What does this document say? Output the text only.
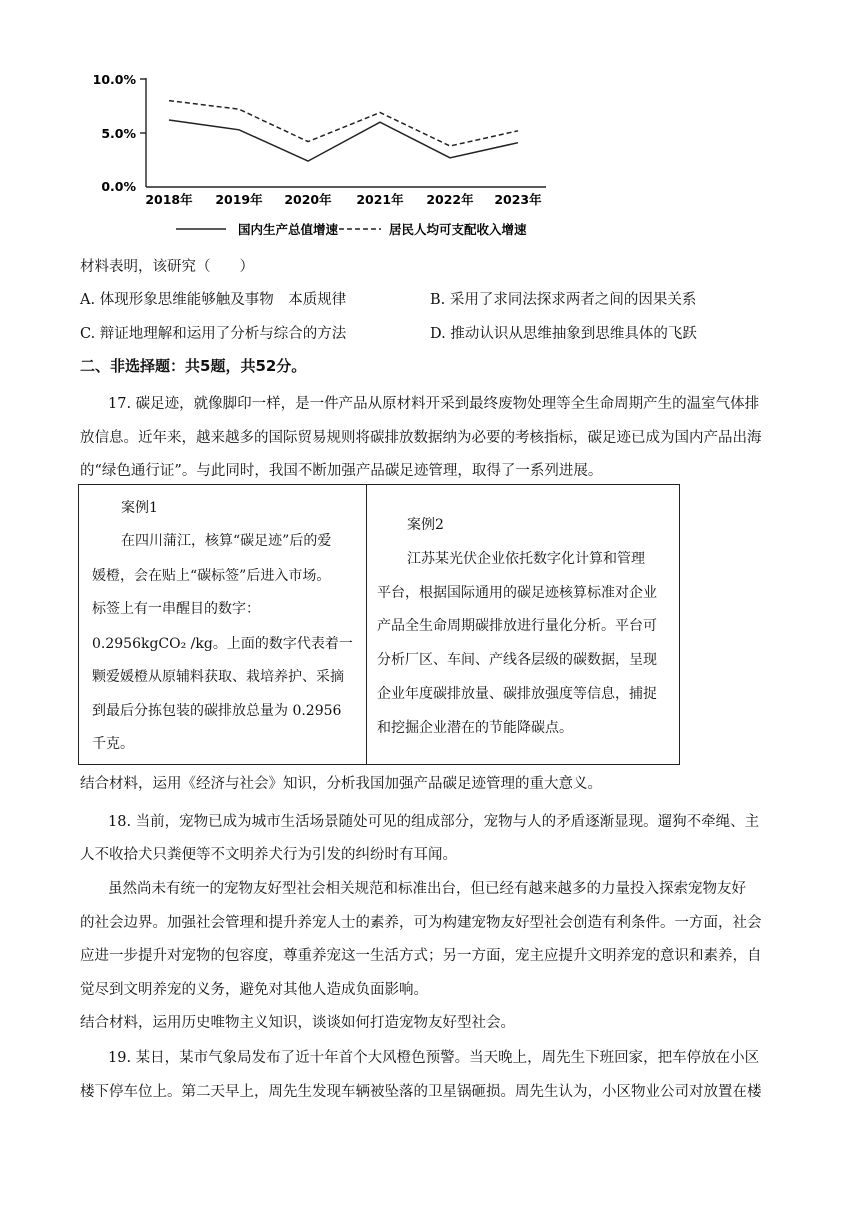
10.0%
5.0%
0.0%
2018年 2019年 2020年 2021年 2022年 2023年
国内生产总值增速	居民人均可支配收入增速
材料表明，该研究（　　）
A. 体现形象思维能够触及事物　本质规律	B. 采用了求同法探求两者之间的因果关系
C. 辩证地理解和运用了分析与综合的方法	D. 推动认识从思维抽象到思维具体的飞跃
二、非选择题：共5题，共52分。
17. 碳足迹，就像脚印一样，是一件产品从原材料开采到最终废物处理等全生命周期产生的温室气体排
放信息。近年来，越来越多的国际贸易规则将碳排放数据纳为必要的考核指标，碳足迹已成为国内产品出海
的“绿色通行证”。与此同时，我国不断加强产品碳足迹管理，取得了一系列进展。
案例1
在四川蒲江，核算“碳足迹”后的爱
媛橙，会在贴上“碳标签”后进入市场。
标签上有一串醒目的数字：
0.2956kgCO₂ /kg。上面的数字代表着一
颗爱媛橙从原辅料获取、栽培养护、采摘
到最后分拣包装的碳排放总量为 0.2956
千克。
案例2
江苏某光伏企业依托数字化计算和管理
平台，根据国际通用的碳足迹核算标准对企业
产品全生命周期碳排放进行量化分析。平台可
分析厂区、车间、产线各层级的碳数据，呈现
企业年度碳排放量、碳排放强度等信息，捕捉
和挖掘企业潜在的节能降碳点。
结合材料，运用《经济与社会》知识，分析我国加强产品碳足迹管理的重大意义。
18. 当前，宠物已成为城市生活场景随处可见的组成部分，宠物与人的矛盾逐渐显现。遛狗不牵绳、主
人不收拾犬只粪便等不文明养犬行为引发的纠纷时有耳闻。
虽然尚未有统一的宠物友好型社会相关规范和标准出台，但已经有越来越多的力量投入探索宠物友好
的社会边界。加强社会管理和提升养宠人士的素养，可为构建宠物友好型社会创造有利条件。一方面，社会
应进一步提升对宠物的包容度，尊重养宠这一生活方式；另一方面，宠主应提升文明养宠的意识和素养，自
觉尽到文明养宠的义务，避免对其他人造成负面影响。
结合材料，运用历史唯物主义知识，谈谈如何打造宠物友好型社会。
19. 某日，某市气象局发布了近十年首个大风橙色预警。当天晚上，周先生下班回家，把车停放在小区
楼下停车位上。第二天早上，周先生发现车辆被坠落的卫星锅砸损。周先生认为，小区物业公司对放置在楼
